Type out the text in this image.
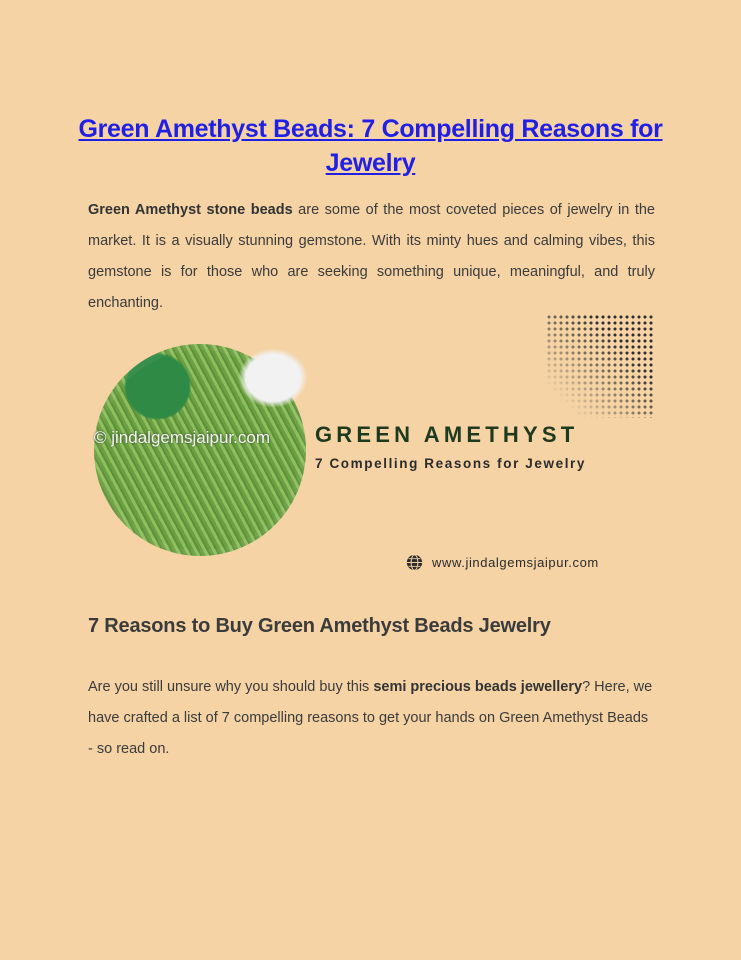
Green Amethyst Beads: 7 Compelling Reasons for Jewelry

Green Amethyst stone beads are some of the most coveted pieces of jewelry in the market. It is a visually stunning gemstone. With its minty hues and calming vibes, this gemstone is for those who are seeking something unique, meaningful, and truly enchanting.

© jindalgemsjaipur.com GREEN AMETHYST
7 Compelling Reasons for Jewelry
www.jindalgemsjaipur.com
7 Reasons to Buy Green Amethyst Beads Jewelry

Are you still unsure why you should buy this semi precious beads jewellery? Here, we have crafted a list of 7 compelling reasons to get your hands on Green Amethyst Beads - so read on.
